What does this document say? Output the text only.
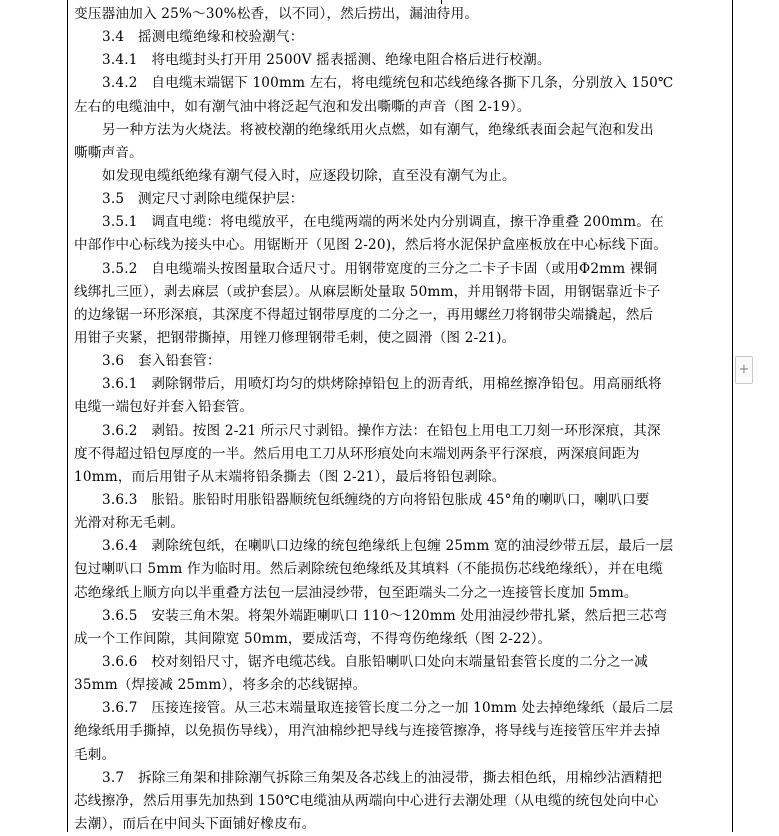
变压器油加入 25%～30%松香，以不同），然后捞出，漏油待用。
3.4　摇测电缆绝缘和校验潮气：
3.4.1　将电缆封头打开用 2500V 摇表摇测、绝缘电阻合格后进行校潮。
3.4.2　自电缆末端锯下 100mm 左右，将电缆统包和芯线绝缘各撕下几条，分别放入 150℃
左右的电缆油中，如有潮气油中将泛起气泡和发出嘶嘶的声音（图 2-19）。
另一种方法为火烧法。将被校潮的绝缘纸用火点燃，如有潮气，绝缘纸表面会起气泡和发出
嘶嘶声音。
如发现电缆纸绝缘有潮气侵入时，应逐段切除，直至没有潮气为止。
3.5　测定尺寸剥除电缆保护层：
3.5.1　调直电缆：将电缆放平，在电缆两端的两米处内分别调直，擦干净重叠 200mm。在
中部作中心标线为接头中心。用锯断开（见图 2-20)，然后将水泥保护盒座板放在中心标线下面。
3.5.2　自电缆端头按图量取合适尺寸。用钢带宽度的三分之二卡子卡固（或用Φ2mm 裸铜
线绑扎三匝），剥去麻层（或护套层）。从麻层断处量取 50mm，并用钢带卡固，用钢锯靠近卡子
的边缘锯一环形深痕，其深度不得超过钢带厚度的二分之一，再用螺丝刀将钢带尖端撬起，然后
用钳子夹紧，把钢带撕掉，用锉刀修理钢带毛刺，使之圆滑（图 2-21)。
3.6　套入铅套管：
3.6.1　剥除钢带后，用喷灯均匀的烘烤除掉铅包上的沥青纸，用棉丝擦净铅包。用高丽纸将
电缆一端包好并套入铅套管。
3.6.2　剥铅。按图 2-21 所示尺寸剥铅。操作方法：在铅包上用电工刀刻一环形深痕，其深
度不得超过铅包厚度的一半。然后用电工刀从环形痕处向末端划两条平行深痕，两深痕间距为
10mm，而后用钳子从末端将铅条撕去（图 2-21），最后将铅包剥除。
3.6.3　胀铅。胀铅时用胀铅器顺统包纸缠绕的方向将铅包胀成 45°角的喇叭口，喇叭口要
光滑对称无毛刺。
3.6.4　剥除统包纸，在喇叭口边缘的统包绝缘纸上包缠 25mm 宽的油浸纱带五层，最后一层
包过喇叭口 5mm 作为临时用。然后剥除统包绝缘纸及其填料（不能损伤芯线绝缘纸），并在电缆
芯绝缘纸上顺方向以半重叠方法包一层油浸纱带，包至距端头二分之一连接管长度加 5mm。
3.6.5　安装三角木架。将架外端距喇叭口 110～120mm 处用油浸纱带扎紧，然后把三芯弯
成一个工作间隙，其间隙宽 50mm，要成活弯，不得弯伤绝缘纸（图 2-22）。
3.6.6　校对刻铅尺寸，锯齐电缆芯线。自胀铅喇叭口处向末端量铅套管长度的二分之一减
35mm（焊接减 25mm），将多余的芯线锯掉。
3.6.7　压接连接管。从三芯末端量取连接管长度二分之一加 10mm 处去掉绝缘纸（最后二层
绝缘纸用手撕掉，以免损伤导线），用汽油棉纱把导线与连接管擦净，将导线与连接管压牢并去掉
毛刺。
3.7　拆除三角架和排除潮气拆除三角架及各芯线上的油浸带，撕去相色纸，用棉纱沾酒精把
芯线擦净，然后用事先加热到 150℃电缆油从两端向中心进行去潮处理（从电缆的统包处向中心
去潮），而后在中间头下面铺好橡皮布。
+
